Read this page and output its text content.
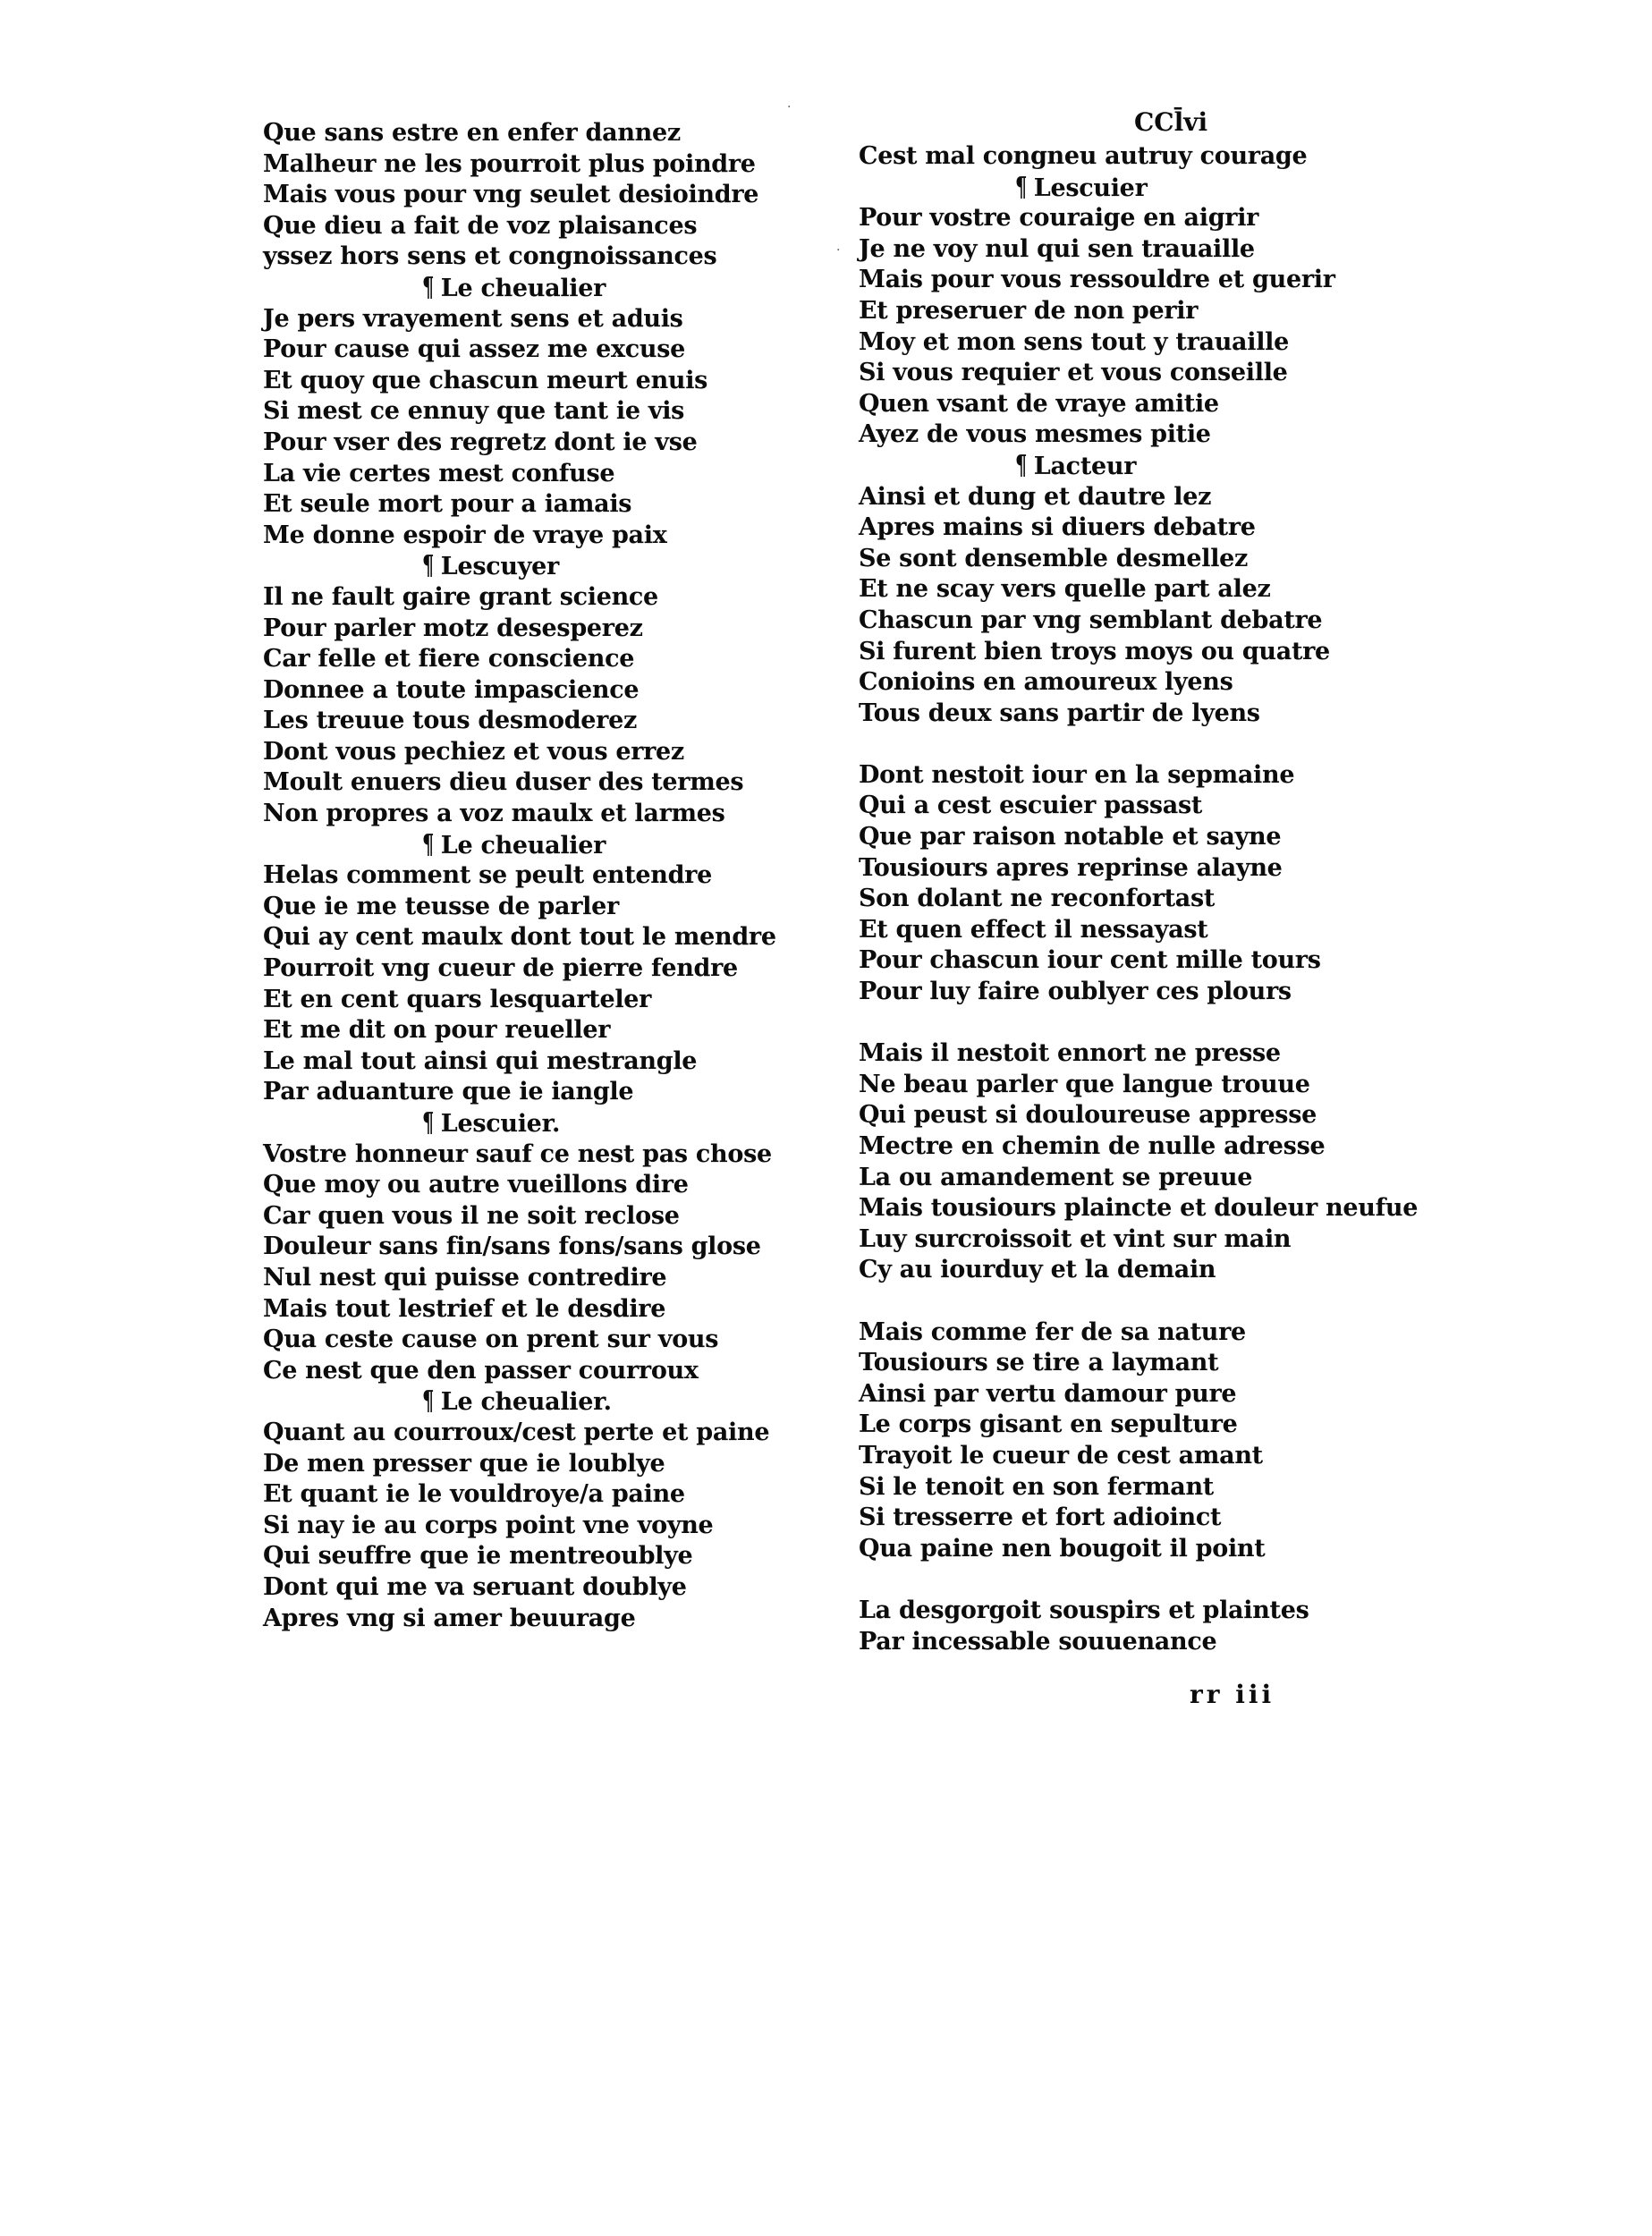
CCl̄vi
Que sans estre en enfer dannez
Malheur ne les pourroit plus poindre
Mais vous pour vng seulet desioindre
Que dieu a fait de voz plaisances
yssez hors sens et congnoissances
¶ Le cheualier
Je pers vrayement sens et aduis
Pour cause qui assez me excuse
Et quoy que chascun meurt enuis
Si mest ce ennuy que tant ie vis
Pour vser des regretz dont ie vse
La vie certes mest confuse
Et seule mort pour a iamais
Me donne espoir de vraye paix
¶ Lescuyer
Il ne fault gaire grant science
Pour parler motz desesperez
Car felle et fiere conscience
Donnee a toute impascience
Les treuue tous desmoderez
Dont vous pechiez et vous errez
Moult enuers dieu duser des termes
Non propres a voz maulx et larmes
¶ Le cheualier
Helas comment se peult entendre
Que ie me teusse de parler
Qui ay cent maulx dont tout le mendre
Pourroit vng cueur de pierre fendre
Et en cent quars lesquarteler
Et me dit on pour reueller
Le mal tout ainsi qui mestrangle
Par aduanture que ie iangle
¶ Lescuier.
Vostre honneur sauf ce nest pas chose
Que moy ou autre vueillons dire
Car quen vous il ne soit reclose
Douleur sans fin/sans fons/sans glose
Nul nest qui puisse contredire
Mais tout lestrief et le desdire
Qua ceste cause on prent sur vous
Ce nest que den passer courroux
¶ Le cheualier.
Quant au courroux/cest perte et paine
De men presser que ie loublye
Et quant ie le vouldroye/a paine
Si nay ie au corps point vne voyne
Qui seuffre que ie mentreoublye
Dont qui me va seruant doublye
Apres vng si amer beuurage
Cest mal congneu autruy courage
¶ Lescuier
Pour vostre couraige en aigrir
Je ne voy nul qui sen trauaille
Mais pour vous ressouldre et guerir
Et preseruer de non perir
Moy et mon sens tout y trauaille
Si vous requier et vous conseille
Quen vsant de vraye amitie
Ayez de vous mesmes pitie
¶ Lacteur
Ainsi et dung et dautre lez
Apres mains si diuers debatre
Se sont densemble desmellez
Et ne scay vers quelle part alez
Chascun par vng semblant debatre
Si furent bien troys moys ou quatre
Conioins en amoureux lyens
Tous deux sans partir de lyens
Dont nestoit iour en la sepmaine
Qui a cest escuier passast
Que par raison notable et sayne
Tousiours apres reprinse alayne
Son dolant ne reconfortast
Et quen effect il nessayast
Pour chascun iour cent mille tours
Pour luy faire oublyer ces plours
Mais il nestoit ennort ne presse
Ne beau parler que langue trouue
Qui peust si douloureuse appresse
Mectre en chemin de nulle adresse
La ou amandement se preuue
Mais tousiours plaincte et douleur neufue
Luy surcroissoit et vint sur main
Cy au iourduy et la demain
Mais comme fer de sa nature
Tousiours se tire a laymant
Ainsi par vertu damour pure
Le corps gisant en sepulture
Trayoit le cueur de cest amant
Si le tenoit en son fermant
Si tresserre et fort adioinct
Qua paine nen bougoit il point
La desgorgoit souspirs et plaintes
Par incessable souuenance
rr iii
.
.
